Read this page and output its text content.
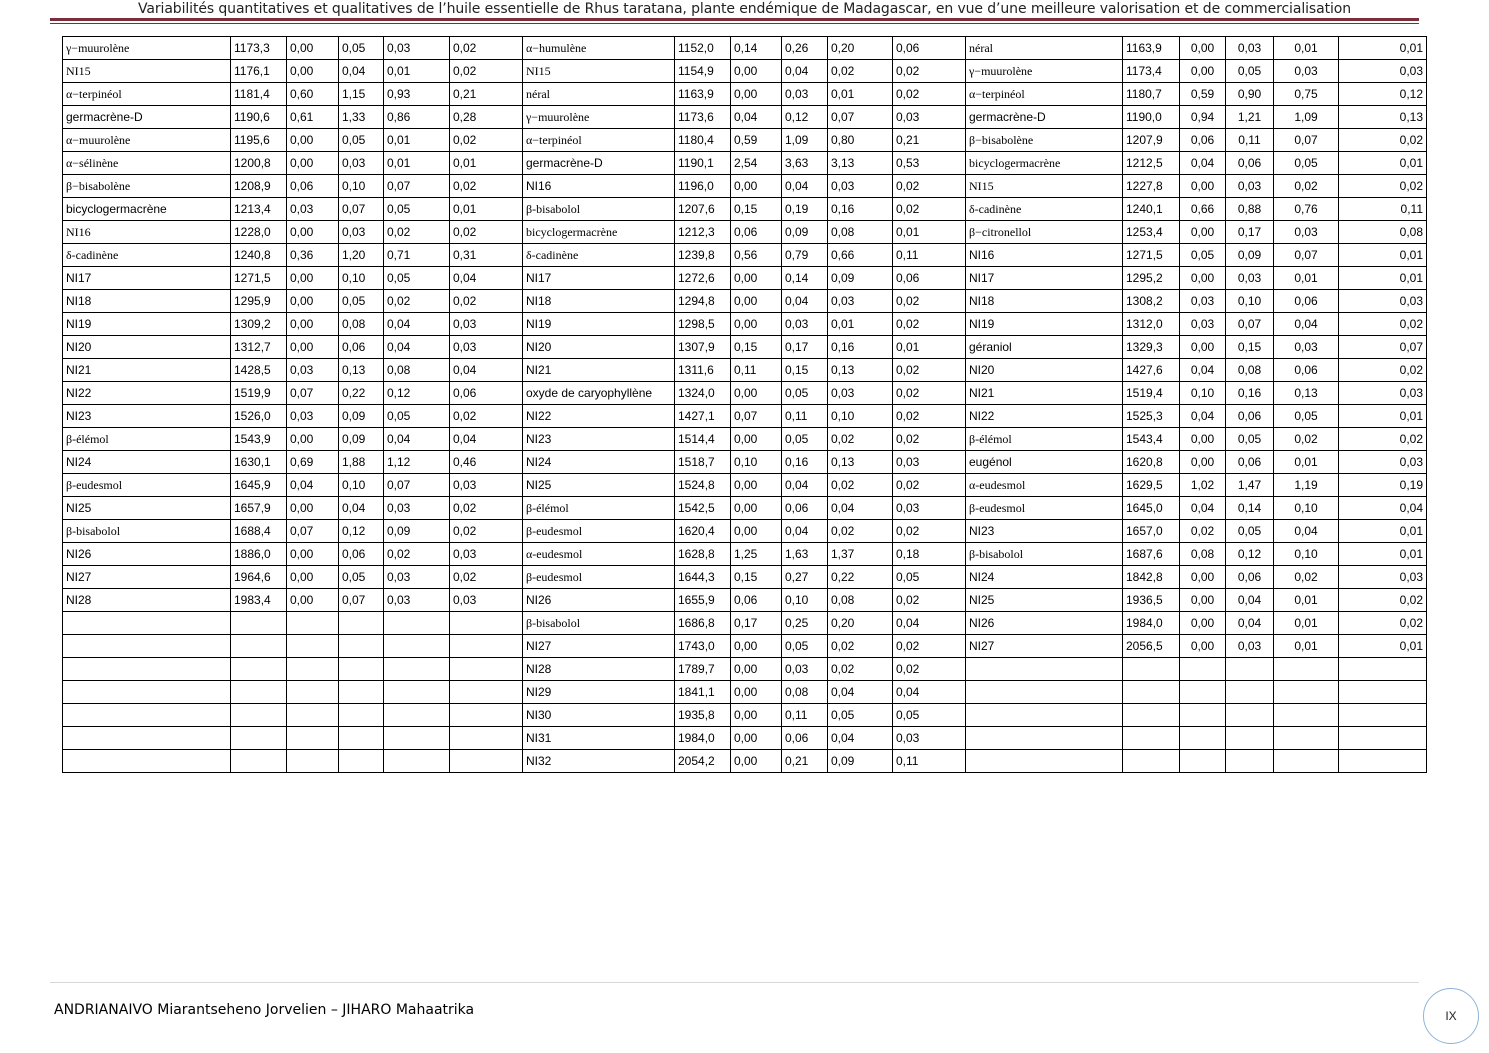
Variabilités quantitatives et qualitatives de l’huile essentielle de Rhus taratana, plante endémique de Madagascar, en vue d’une meilleure valorisation et de commercialisation
γ−muurolène	1173,3	0,00	0,05	0,03	0,02	α−humulène	1152,0	0,14	0,26	0,20	0,06	néral	1163,9	0,00	0,03	0,01	0,01
NI15	1176,1	0,00	0,04	0,01	0,02	NI15	1154,9	0,00	0,04	0,02	0,02	γ−muurolène	1173,4	0,00	0,05	0,03	0,03
α−terpinéol	1181,4	0,60	1,15	0,93	0,21	néral	1163,9	0,00	0,03	0,01	0,02	α−terpinéol	1180,7	0,59	0,90	0,75	0,12
germacrène-D	1190,6	0,61	1,33	0,86	0,28	γ−muurolène	1173,6	0,04	0,12	0,07	0,03	germacrène-D	1190,0	0,94	1,21	1,09	0,13
α−muurolène	1195,6	0,00	0,05	0,01	0,02	α−terpinéol	1180,4	0,59	1,09	0,80	0,21	β−bisabolène	1207,9	0,06	0,11	0,07	0,02
α−sélinène	1200,8	0,00	0,03	0,01	0,01	germacrène-D	1190,1	2,54	3,63	3,13	0,53	bicyclogermacrène	1212,5	0,04	0,06	0,05	0,01
β−bisabolène	1208,9	0,06	0,10	0,07	0,02	NI16	1196,0	0,00	0,04	0,03	0,02	NI15	1227,8	0,00	0,03	0,02	0,02
bicyclogermacrène	1213,4	0,03	0,07	0,05	0,01	β-bisabolol	1207,6	0,15	0,19	0,16	0,02	δ-cadinène	1240,1	0,66	0,88	0,76	0,11
NI16	1228,0	0,00	0,03	0,02	0,02	bicyclogermacrène	1212,3	0,06	0,09	0,08	0,01	β−citronellol	1253,4	0,00	0,17	0,03	0,08
δ-cadinène	1240,8	0,36	1,20	0,71	0,31	δ-cadinène	1239,8	0,56	0,79	0,66	0,11	NI16	1271,5	0,05	0,09	0,07	0,01
NI17	1271,5	0,00	0,10	0,05	0,04	NI17	1272,6	0,00	0,14	0,09	0,06	NI17	1295,2	0,00	0,03	0,01	0,01
NI18	1295,9	0,00	0,05	0,02	0,02	NI18	1294,8	0,00	0,04	0,03	0,02	NI18	1308,2	0,03	0,10	0,06	0,03
NI19	1309,2	0,00	0,08	0,04	0,03	NI19	1298,5	0,00	0,03	0,01	0,02	NI19	1312,0	0,03	0,07	0,04	0,02
NI20	1312,7	0,00	0,06	0,04	0,03	NI20	1307,9	0,15	0,17	0,16	0,01	géraniol	1329,3	0,00	0,15	0,03	0,07
NI21	1428,5	0,03	0,13	0,08	0,04	NI21	1311,6	0,11	0,15	0,13	0,02	NI20	1427,6	0,04	0,08	0,06	0,02
NI22	1519,9	0,07	0,22	0,12	0,06	oxyde de caryophyllène	1324,0	0,00	0,05	0,03	0,02	NI21	1519,4	0,10	0,16	0,13	0,03
NI23	1526,0	0,03	0,09	0,05	0,02	NI22	1427,1	0,07	0,11	0,10	0,02	NI22	1525,3	0,04	0,06	0,05	0,01
β-élémol	1543,9	0,00	0,09	0,04	0,04	NI23	1514,4	0,00	0,05	0,02	0,02	β-élémol	1543,4	0,00	0,05	0,02	0,02
NI24	1630,1	0,69	1,88	1,12	0,46	NI24	1518,7	0,10	0,16	0,13	0,03	eugénol	1620,8	0,00	0,06	0,01	0,03
β-eudesmol	1645,9	0,04	0,10	0,07	0,03	NI25	1524,8	0,00	0,04	0,02	0,02	α-eudesmol	1629,5	1,02	1,47	1,19	0,19
NI25	1657,9	0,00	0,04	0,03	0,02	β-élémol	1542,5	0,00	0,06	0,04	0,03	β-eudesmol	1645,0	0,04	0,14	0,10	0,04
β-bisabolol	1688,4	0,07	0,12	0,09	0,02	β-eudesmol	1620,4	0,00	0,04	0,02	0,02	NI23	1657,0	0,02	0,05	0,04	0,01
NI26	1886,0	0,00	0,06	0,02	0,03	α-eudesmol	1628,8	1,25	1,63	1,37	0,18	β-bisabolol	1687,6	0,08	0,12	0,10	0,01
NI27	1964,6	0,00	0,05	0,03	0,02	β-eudesmol	1644,3	0,15	0,27	0,22	0,05	NI24	1842,8	0,00	0,06	0,02	0,03
NI28	1983,4	0,00	0,07	0,03	0,03	NI26	1655,9	0,06	0,10	0,08	0,02	NI25	1936,5	0,00	0,04	0,01	0,02
						β-bisabolol	1686,8	0,17	0,25	0,20	0,04	NI26	1984,0	0,00	0,04	0,01	0,02
						NI27	1743,0	0,00	0,05	0,02	0,02	NI27	2056,5	0,00	0,03	0,01	0,01
						NI28	1789,7	0,00	0,03	0,02	0,02						
						NI29	1841,1	0,00	0,08	0,04	0,04						
						NI30	1935,8	0,00	0,11	0,05	0,05						
						NI31	1984,0	0,00	0,06	0,04	0,03						
						NI32	2054,2	0,00	0,21	0,09	0,11						
ANDRIANAIVO Miarantseheno Jorvelien – JIHARO Mahaatrika	IX
